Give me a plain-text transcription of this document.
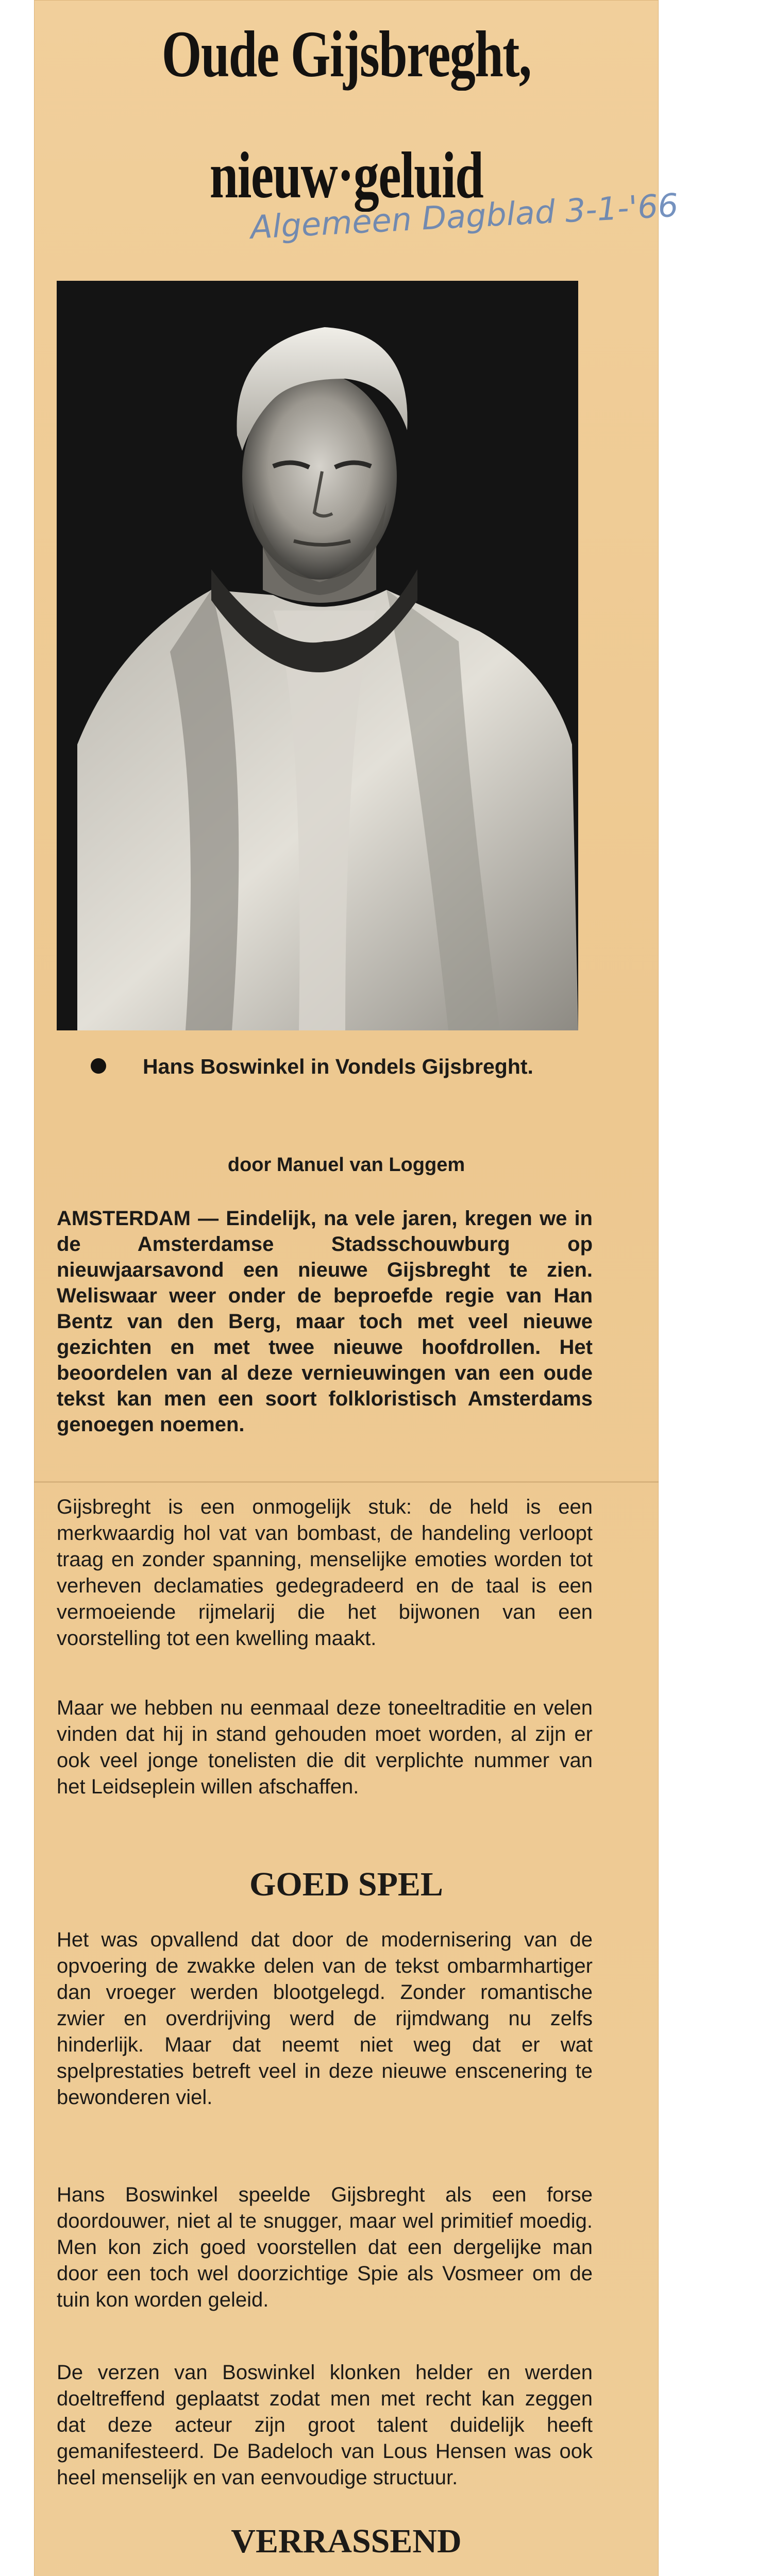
Oude Gijsbreght,
nieuw·geluid
Algemeen Dagblad 3-1-'66
Hans Boswinkel in Vondels Gijsbreght.
door Manuel van Loggem
AMSTERDAM — Eindelijk, na vele jaren, kregen we in de Amsterdamse Stadsschouwburg op nieuwjaarsavond een nieuwe Gijsbreght te zien. Weliswaar weer onder de beproefde regie van Han Bentz van den Berg, maar toch met veel nieuwe gezichten en met twee nieuwe hoofdrollen. Het beoordelen van al deze vernieuwingen van een oude tekst kan men een soort folkloristisch Amsterdams genoegen noemen.
Gijsbreght is een onmogelijk stuk: de held is een merkwaardig hol vat van bombast, de handeling verloopt traag en zonder spanning, menselijke emoties worden tot verheven declamaties gedegradeerd en de taal is een vermoeiende rijmelarij die het bijwonen van een voorstelling tot een kwelling maakt.
Maar we hebben nu eenmaal deze toneeltraditie en velen vinden dat hij in stand gehouden moet worden, al zijn er ook veel jonge tonelisten die dit verplichte nummer van het Leidseplein willen afschaffen.
GOED SPEL
Het was opvallend dat door de modernisering van de opvoering de zwakke delen van de tekst ombarmhartiger dan vroeger werden blootgelegd. Zonder romantische zwier en overdrijving werd de rijmdwang nu zelfs hinderlijk. Maar dat neemt niet weg dat er wat spelprestaties betreft veel in deze nieuwe enscenering te bewonderen viel.
Hans Boswinkel speelde Gijsbreght als een forse doordouwer, niet al te snugger, maar wel primitief moedig. Men kon zich goed voorstellen dat een dergelijke man door een toch wel doorzichtige Spie als Vosmeer om de tuin kon worden geleid.
De verzen van Boswinkel klonken helder en werden doeltreffend geplaatst zodat men met recht kan zeggen dat deze acteur zijn groot talent duidelijk heeft gemanifesteerd. De Badeloch van Lous Hensen was ook heel menselijk en van eenvoudige structuur.
VERRASSEND
